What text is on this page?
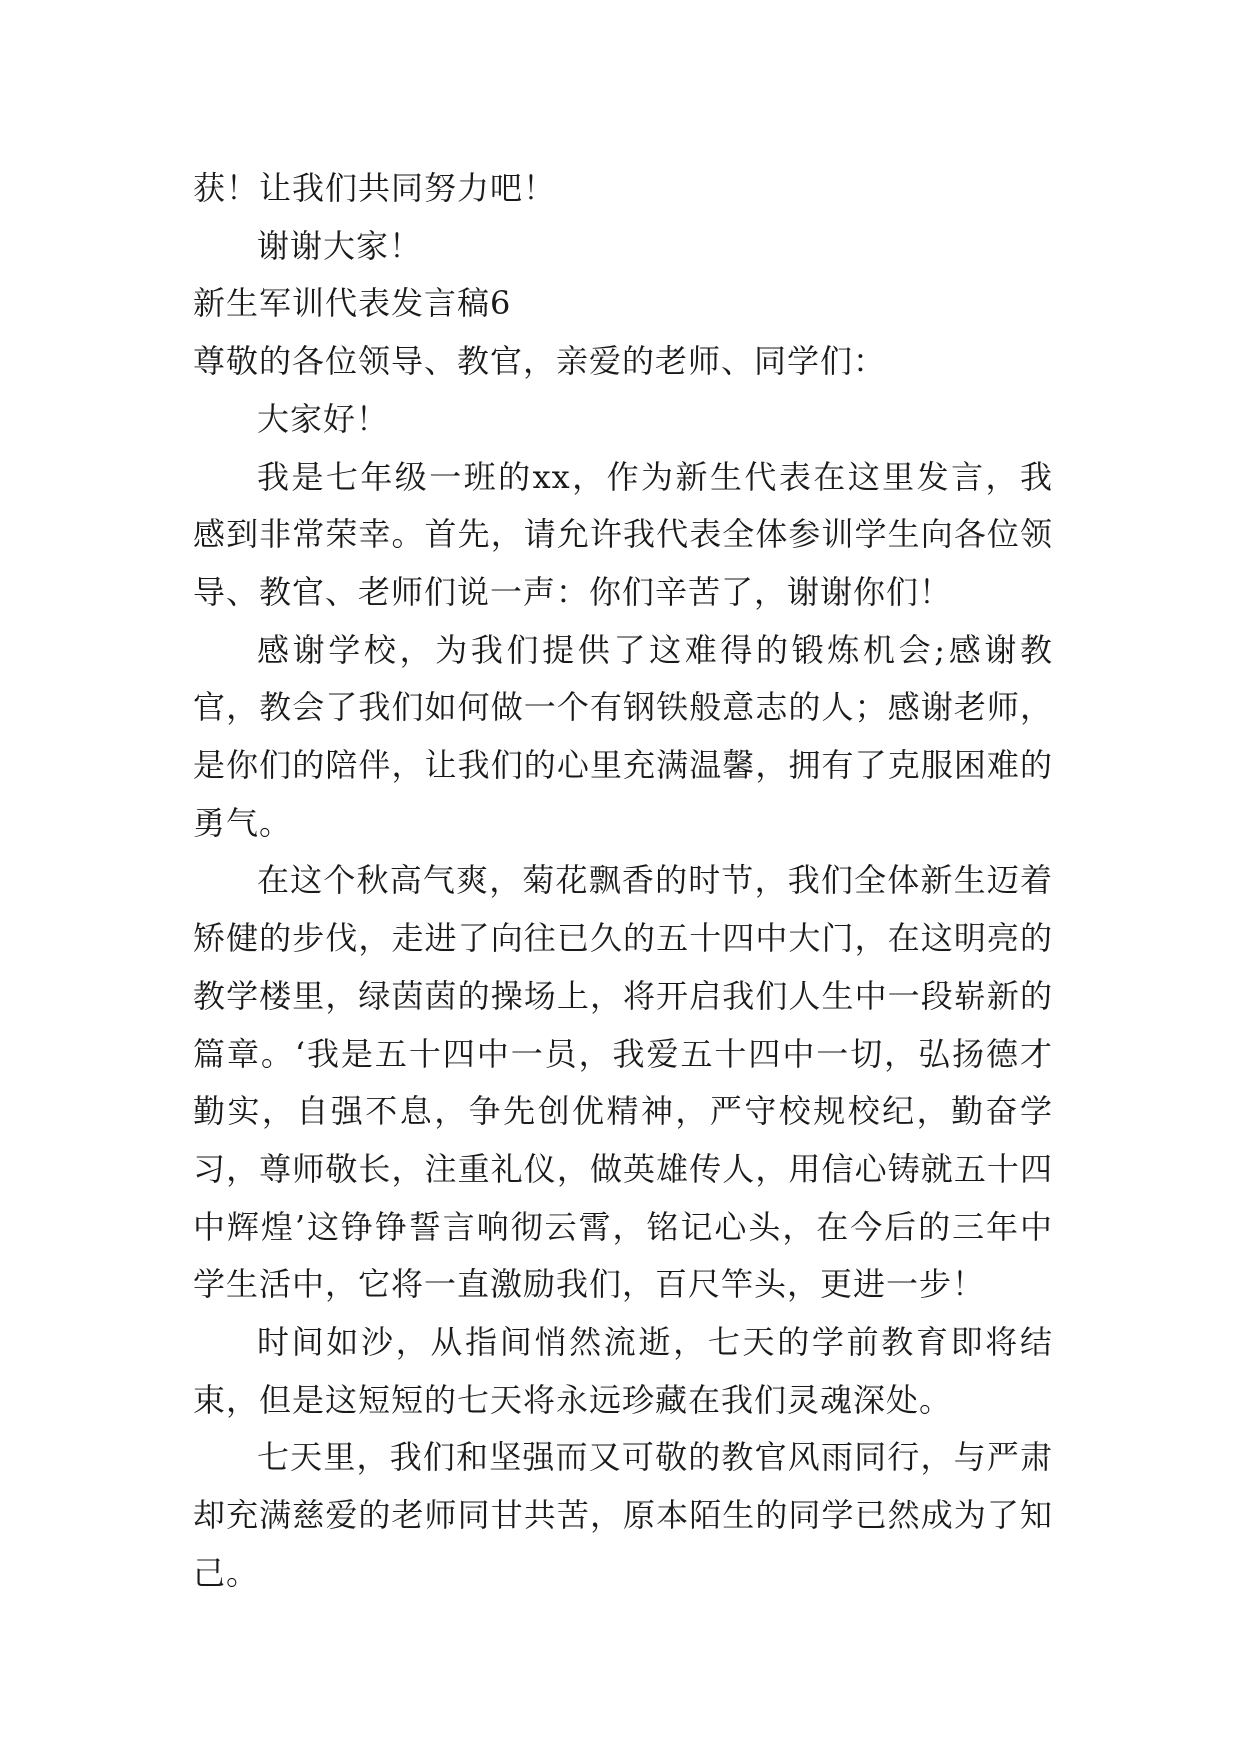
获！让我们共同努力吧！

谢谢大家！

新生军训代表发言稿6

尊敬的各位领导、教官，亲爱的老师、同学们：

大家好！

我是七年级一班的xx，作为新生代表在这里发言，我感到非常荣幸。首先，请允许我代表全体参训学生向各位领导、教官、老师们说一声：你们辛苦了，谢谢你们！

感谢学校，为我们提供了这难得的锻炼机会;感谢教官，教会了我们如何做一个有钢铁般意志的人；感谢老师，是你们的陪伴，让我们的心里充满温馨，拥有了克服困难的勇气。

在这个秋高气爽，菊花飘香的时节，我们全体新生迈着矫健的步伐，走进了向往已久的五十四中大门，在这明亮的教学楼里，绿茵茵的操场上，将开启我们人生中一段崭新的篇章。‘我是五十四中一员，我爱五十四中一切，弘扬德才勤实，自强不息，争先创优精神，严守校规校纪，勤奋学习，尊师敬长，注重礼仪，做英雄传人，用信心铸就五十四中辉煌’这铮铮誓言响彻云霄，铭记心头，在今后的三年中学生活中，它将一直激励我们，百尺竿头，更进一步！

时间如沙，从指间悄然流逝，七天的学前教育即将结束，但是这短短的七天将永远珍藏在我们灵魂深处。

七天里，我们和坚强而又可敬的教官风雨同行，与严肃却充满慈爱的老师同甘共苦，原本陌生的同学已然成为了知己。
